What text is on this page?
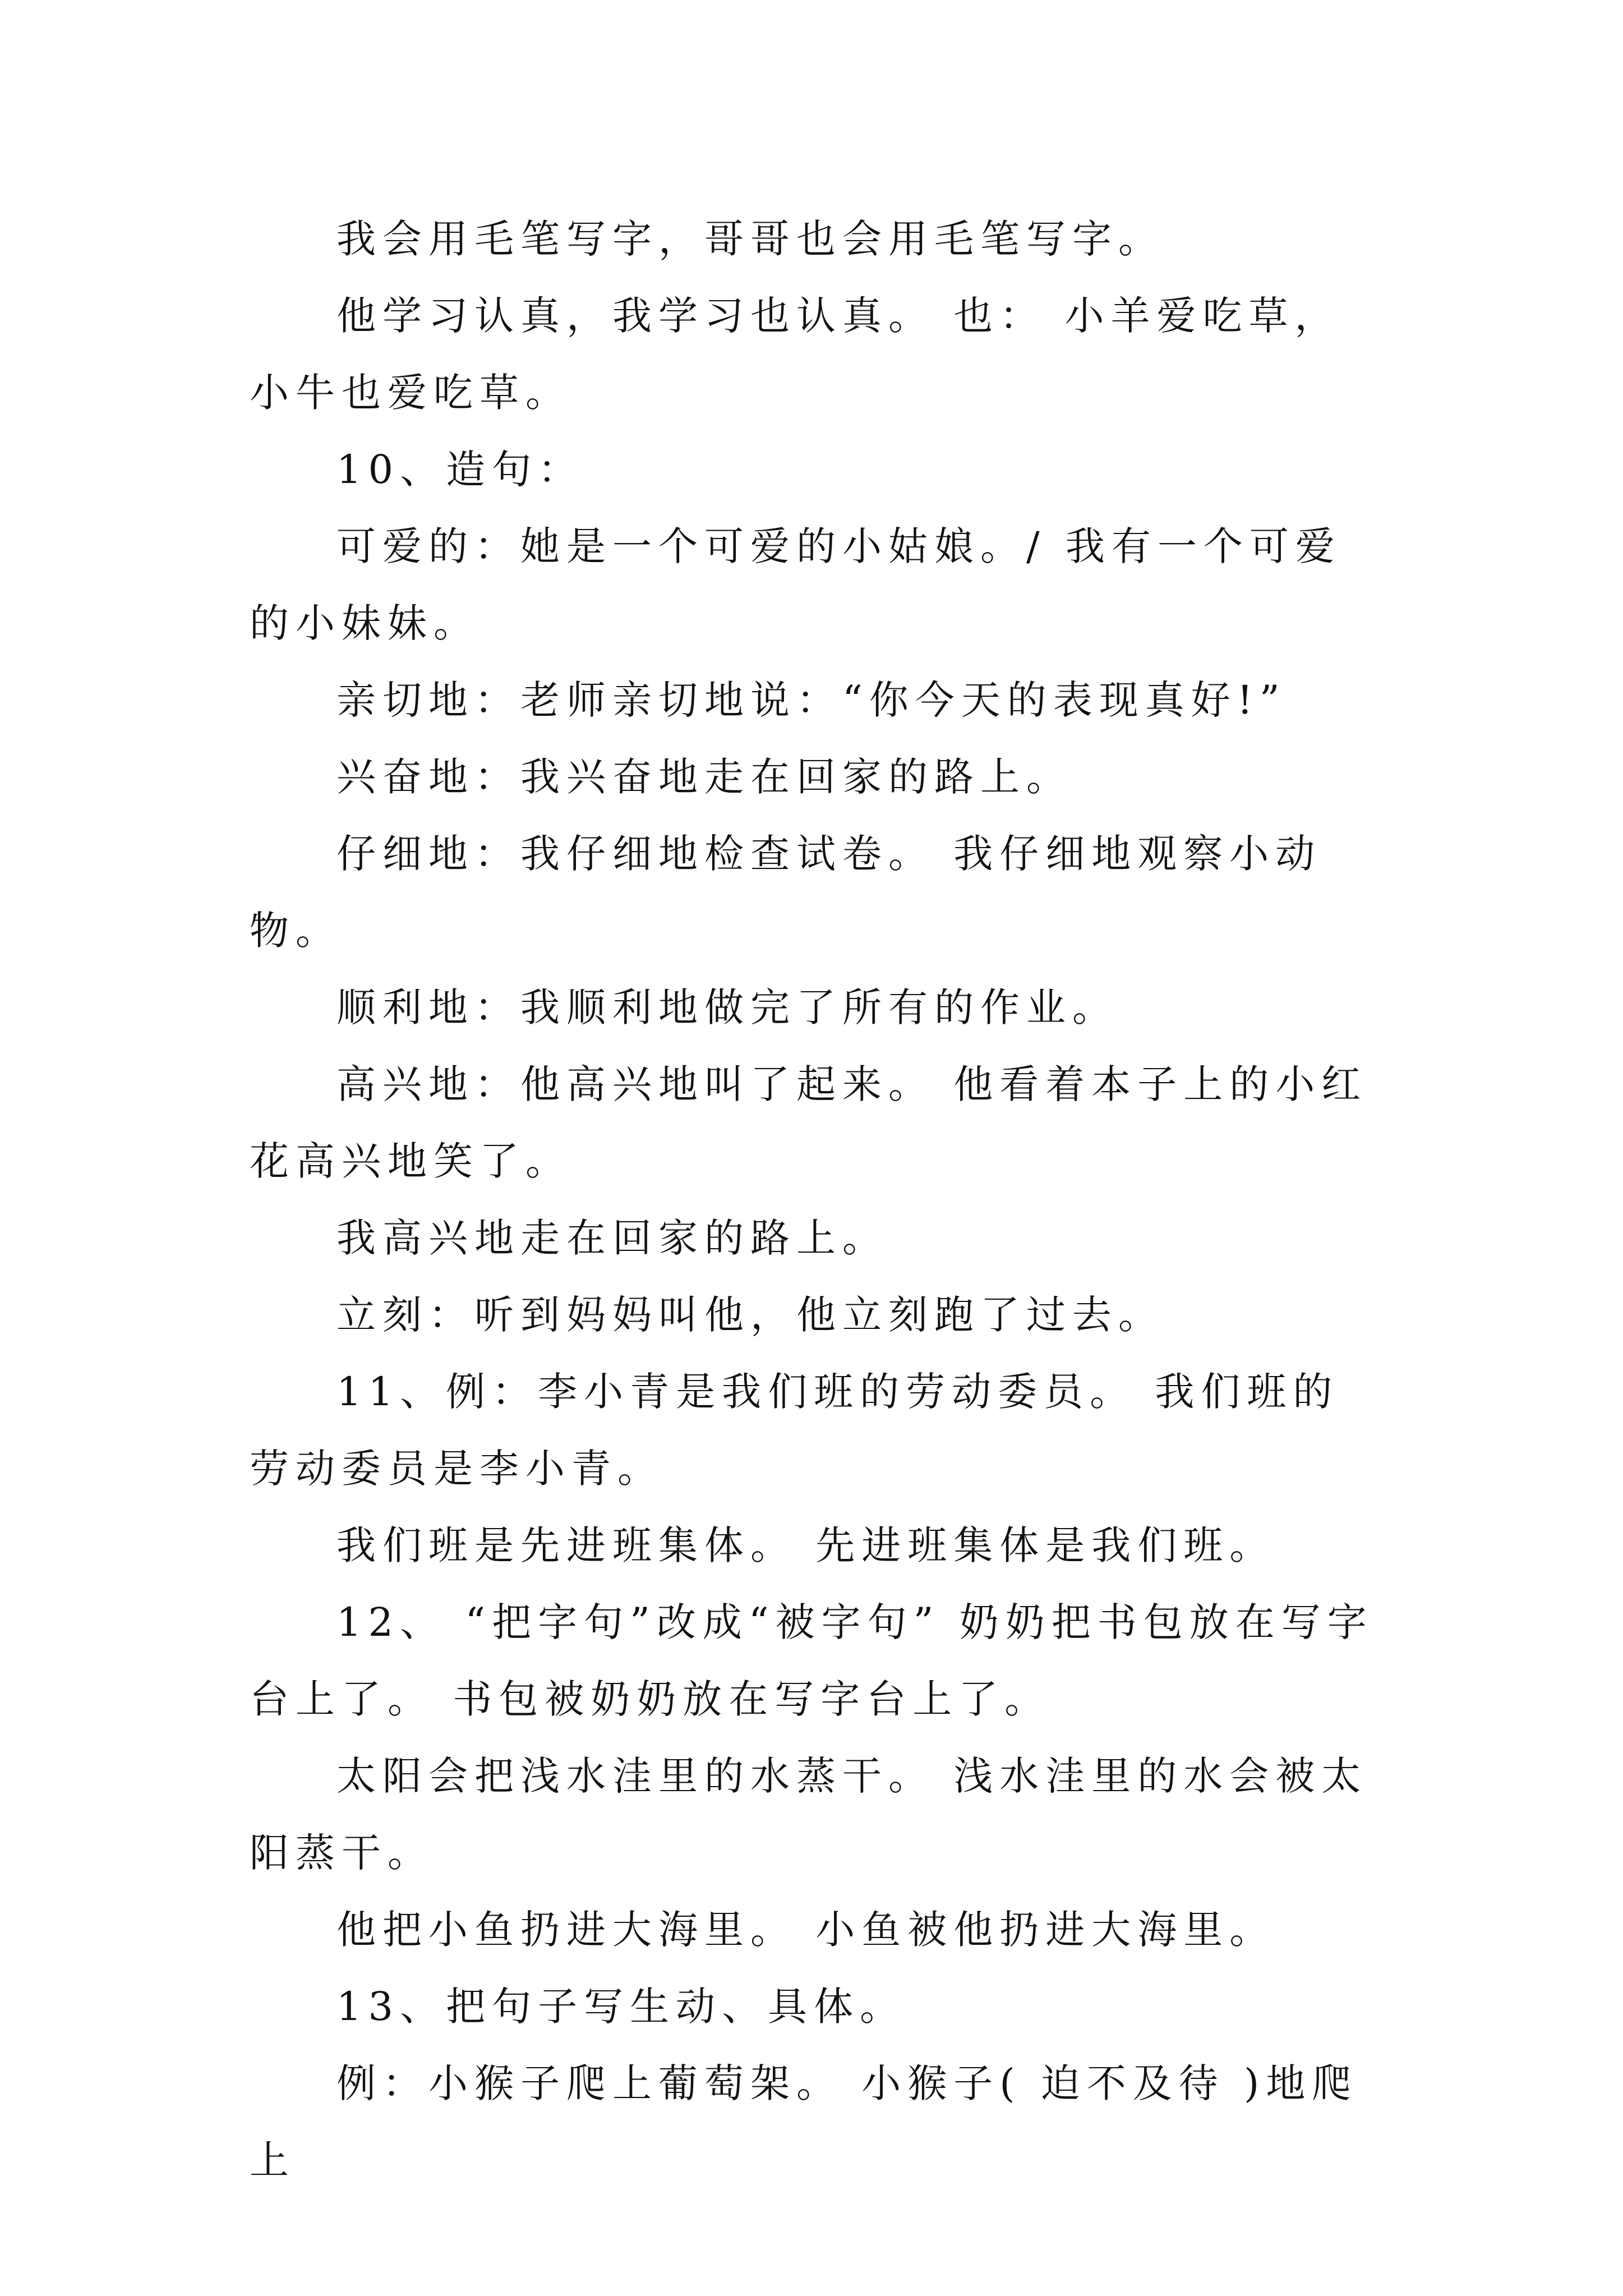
我会用毛笔写字，哥哥也会用毛笔写字。

他学习认真，我学习也认真。 也： 小羊爱吃草，小牛也爱吃草。

10、造句：

可爱的：她是一个可爱的小姑娘。/ 我有一个可爱的小妹妹。

亲切地：老师亲切地说：“你今天的表现真好!”

兴奋地：我兴奋地走在回家的路上。

仔细地：我仔细地检查试卷。 我仔细地观察小动物。

顺利地：我顺利地做完了所有的作业。

高兴地：他高兴地叫了起来。 他看着本子上的小红花高兴地笑了。

我高兴地走在回家的路上。

立刻：听到妈妈叫他，他立刻跑了过去。

11、例：李小青是我们班的劳动委员。 我们班的劳动委员是李小青。

我们班是先进班集体。 先进班集体是我们班。

12、 “把字句”改成“被字句” 奶奶把书包放在写字台上了。 书包被奶奶放在写字台上了。

太阳会把浅水洼里的水蒸干。 浅水洼里的水会被太阳蒸干。

他把小鱼扔进大海里。 小鱼被他扔进大海里。

13、把句子写生动、具体。

例：小猴子爬上葡萄架。 小猴子( 迫不及待 )地爬上
